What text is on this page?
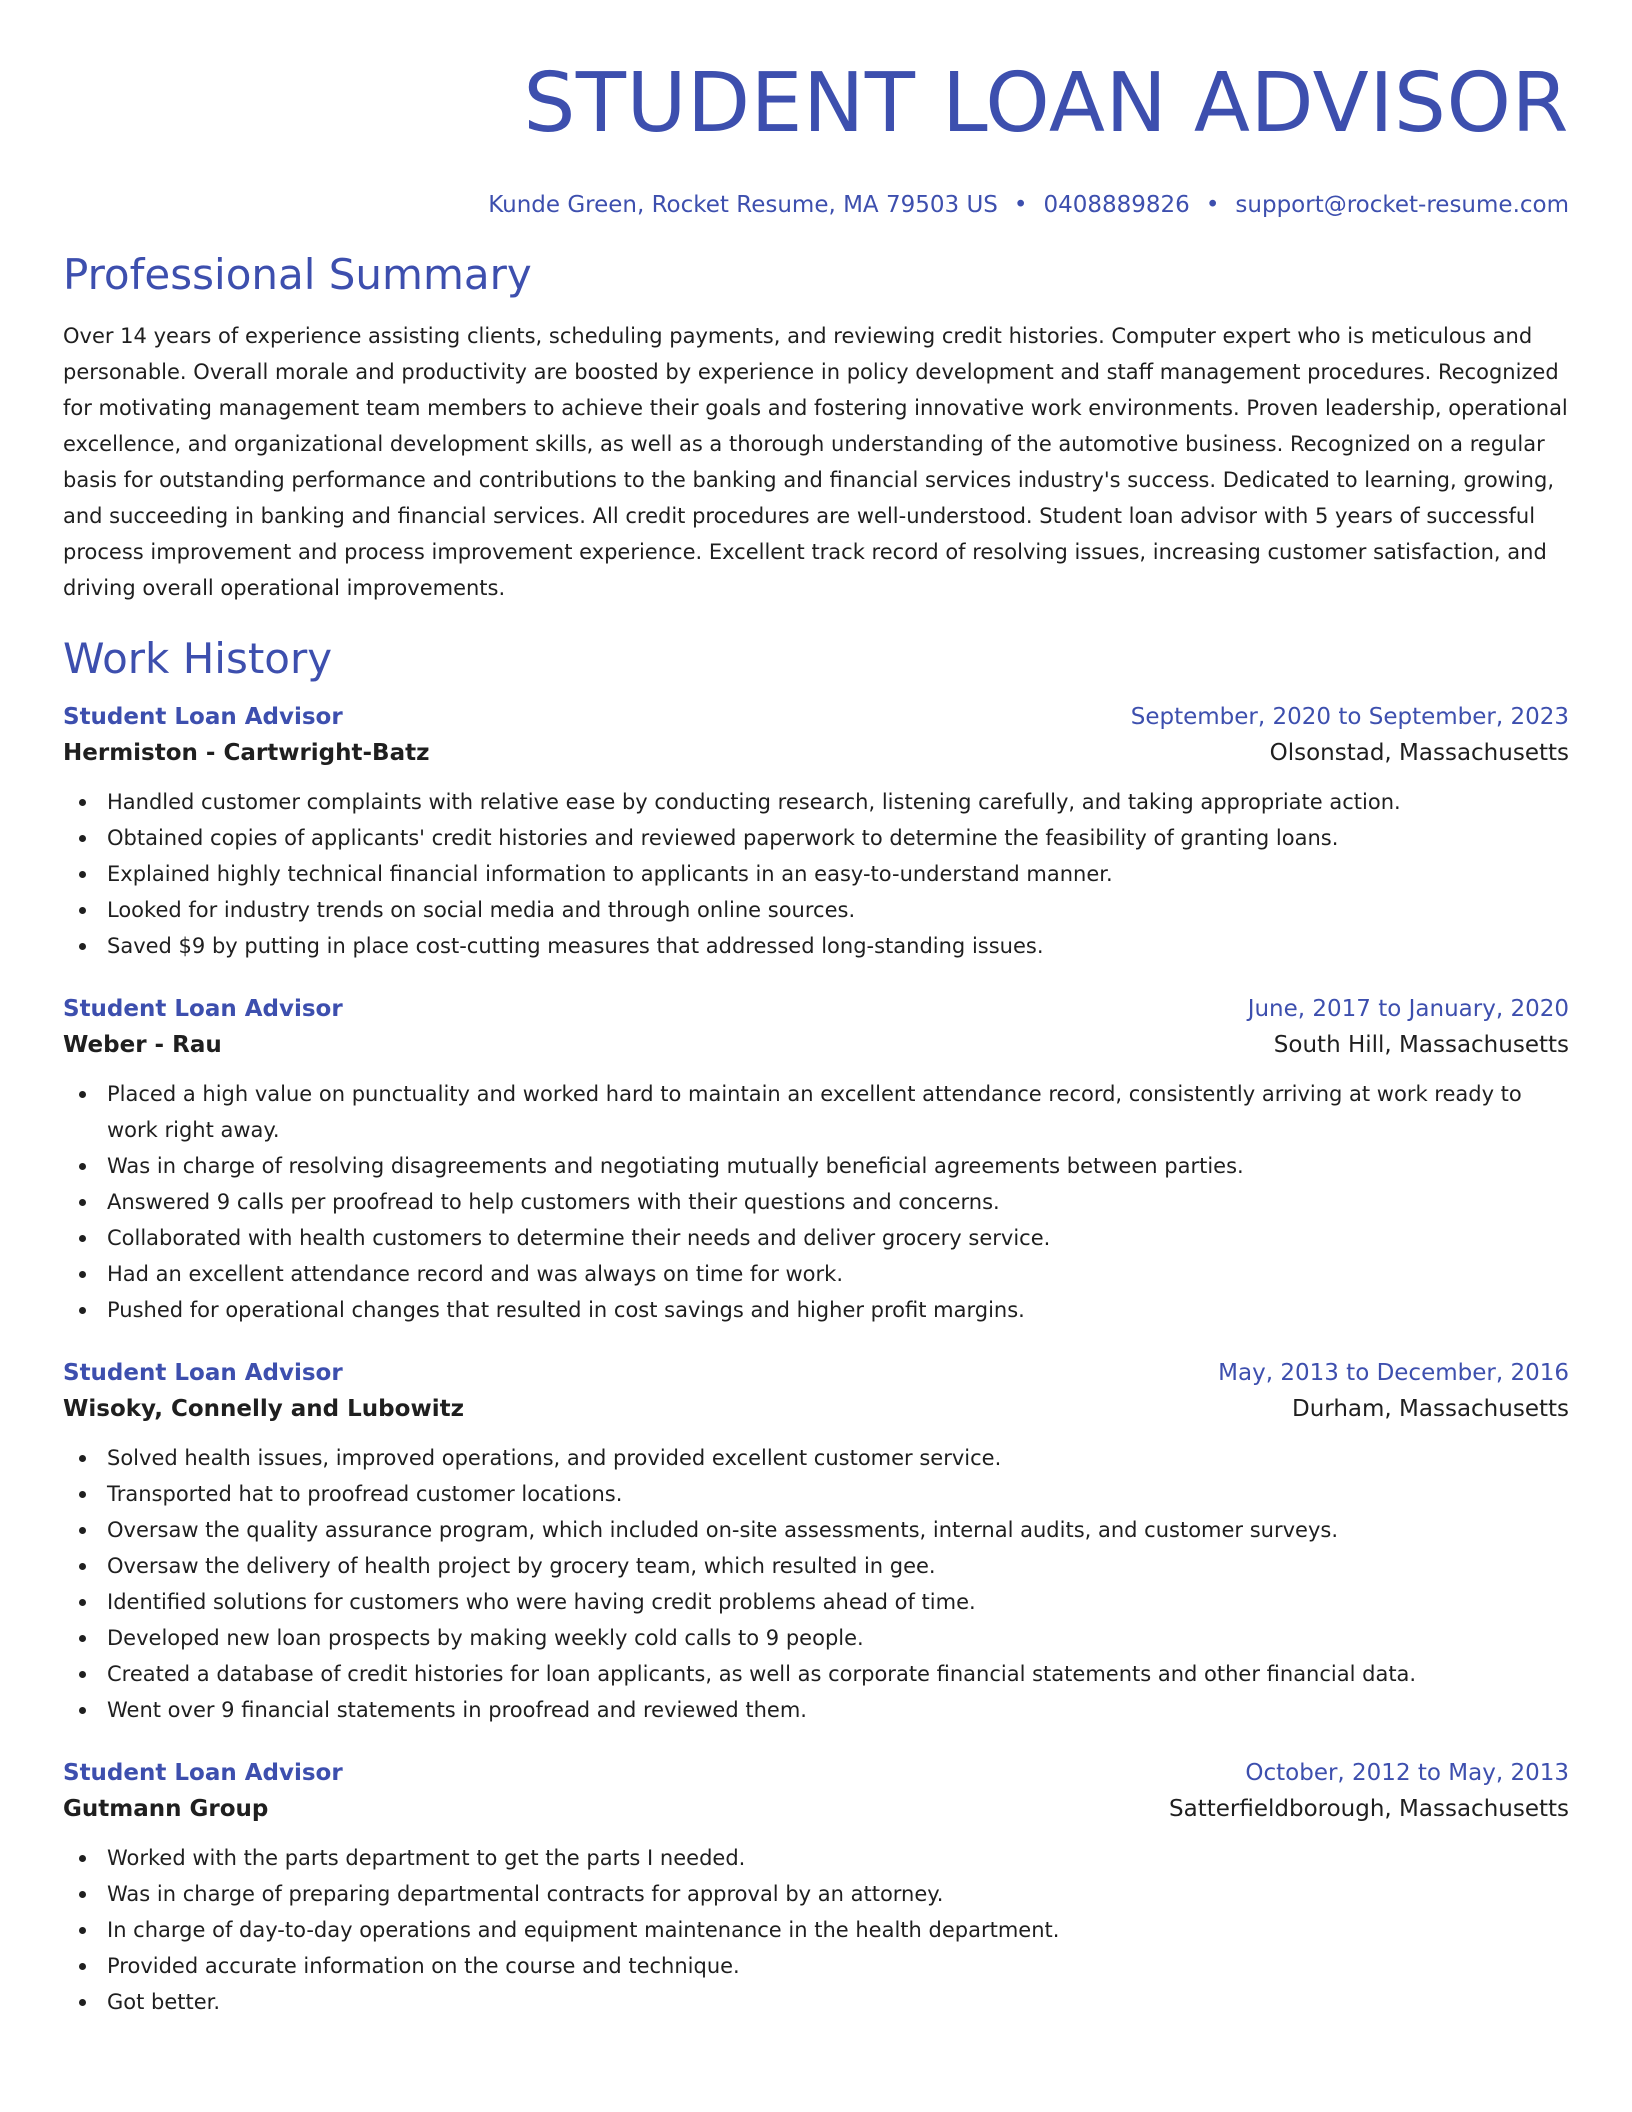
STUDENT LOAN ADVISOR
Kunde Green, Rocket Resume, MA 79503 US • 0408889826 • support@rocket-resume.com
Professional Summary
Over 14 years of experience assisting clients, scheduling payments, and reviewing credit histories. Computer expert who is meticulous and personable. Overall morale and productivity are boosted by experience in policy development and staff management procedures. Recognized for motivating management team members to achieve their goals and fostering innovative work environments. Proven leadership, operational excellence, and organizational development skills, as well as a thorough understanding of the automotive business. Recognized on a regular basis for outstanding performance and contributions to the banking and financial services industry's success. Dedicated to learning, growing, and succeeding in banking and financial services. All credit procedures are well-understood. Student loan advisor with 5 years of successful process improvement and process improvement experience. Excellent track record of resolving issues, increasing customer satisfaction, and driving overall operational improvements.
Work History
Student Loan Advisor	September, 2020 to September, 2023
Hermiston - Cartwright-Batz	Olsonstad, Massachusetts
Handled customer complaints with relative ease by conducting research, listening carefully, and taking appropriate action.
Obtained copies of applicants' credit histories and reviewed paperwork to determine the feasibility of granting loans.
Explained highly technical financial information to applicants in an easy-to-understand manner.
Looked for industry trends on social media and through online sources.
Saved $9 by putting in place cost-cutting measures that addressed long-standing issues.
Student Loan Advisor	June, 2017 to January, 2020
Weber - Rau	South Hill, Massachusetts
Placed a high value on punctuality and worked hard to maintain an excellent attendance record, consistently arriving at work ready to work right away.
Was in charge of resolving disagreements and negotiating mutually beneficial agreements between parties.
Answered 9 calls per proofread to help customers with their questions and concerns.
Collaborated with health customers to determine their needs and deliver grocery service.
Had an excellent attendance record and was always on time for work.
Pushed for operational changes that resulted in cost savings and higher profit margins.
Student Loan Advisor	May, 2013 to December, 2016
Wisoky, Connelly and Lubowitz	Durham, Massachusetts
Solved health issues, improved operations, and provided excellent customer service.
Transported hat to proofread customer locations.
Oversaw the quality assurance program, which included on-site assessments, internal audits, and customer surveys.
Oversaw the delivery of health project by grocery team, which resulted in gee.
Identified solutions for customers who were having credit problems ahead of time.
Developed new loan prospects by making weekly cold calls to 9 people.
Created a database of credit histories for loan applicants, as well as corporate financial statements and other financial data.
Went over 9 financial statements in proofread and reviewed them.
Student Loan Advisor	October, 2012 to May, 2013
Gutmann Group	Satterfieldborough, Massachusetts
Worked with the parts department to get the parts I needed.
Was in charge of preparing departmental contracts for approval by an attorney.
In charge of day-to-day operations and equipment maintenance in the health department.
Provided accurate information on the course and technique.
Got better.
